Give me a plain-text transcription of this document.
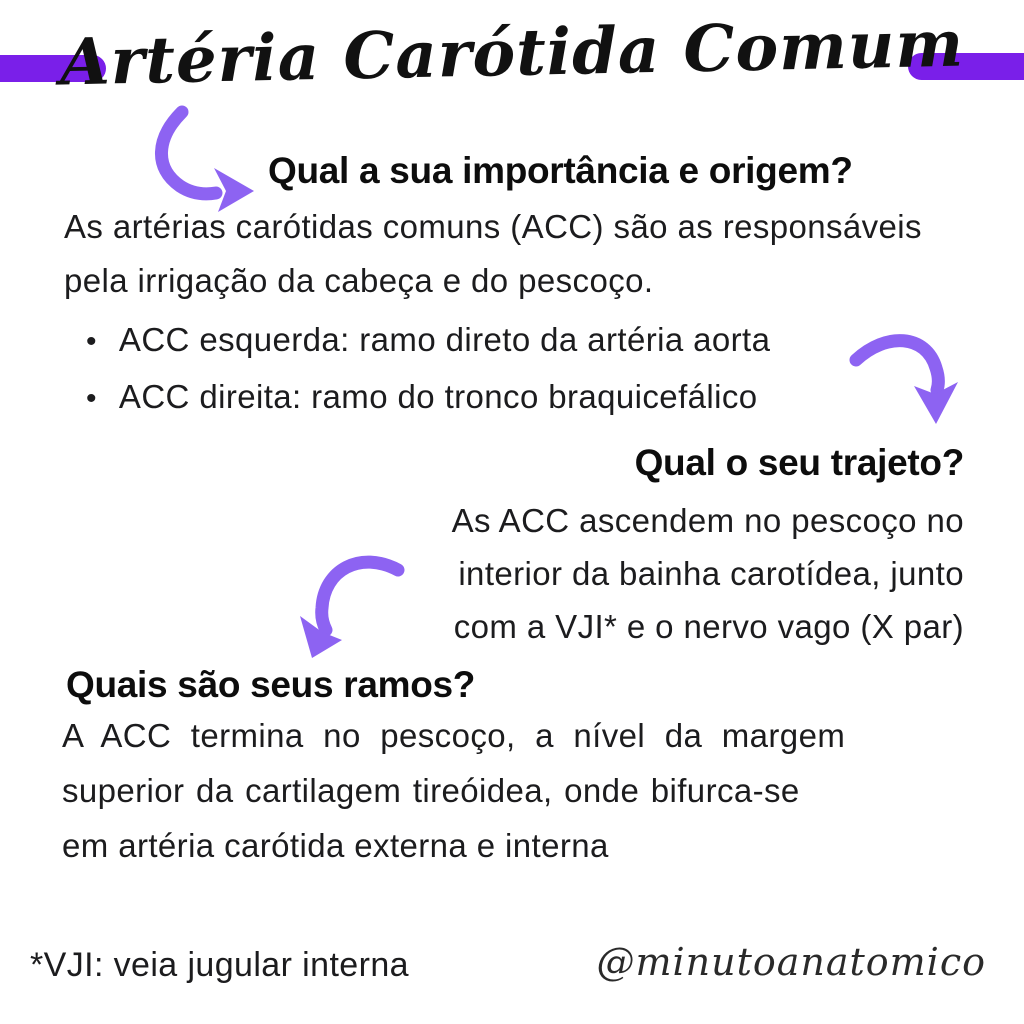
Artéria Carótida Comum
Qual a sua importância e origem?
As artérias carótidas comuns (ACC) são as responsáveis
pela irrigação da cabeça e do pescoço.
• ACC esquerda: ramo direto da artéria aorta
• ACC direita: ramo do tronco braquicefálico
Qual o seu trajeto?
As ACC ascendem no pescoço no
interior da bainha carotídea, junto
com a VJI* e o nervo vago (X par)
Quais são seus ramos?
A ACC termina no pescoço, a nível da margem
superior da cartilagem tireóidea, onde bifurca-se
em artéria carótida externa e interna
*VJI: veia jugular interna	@minutoanatomico
